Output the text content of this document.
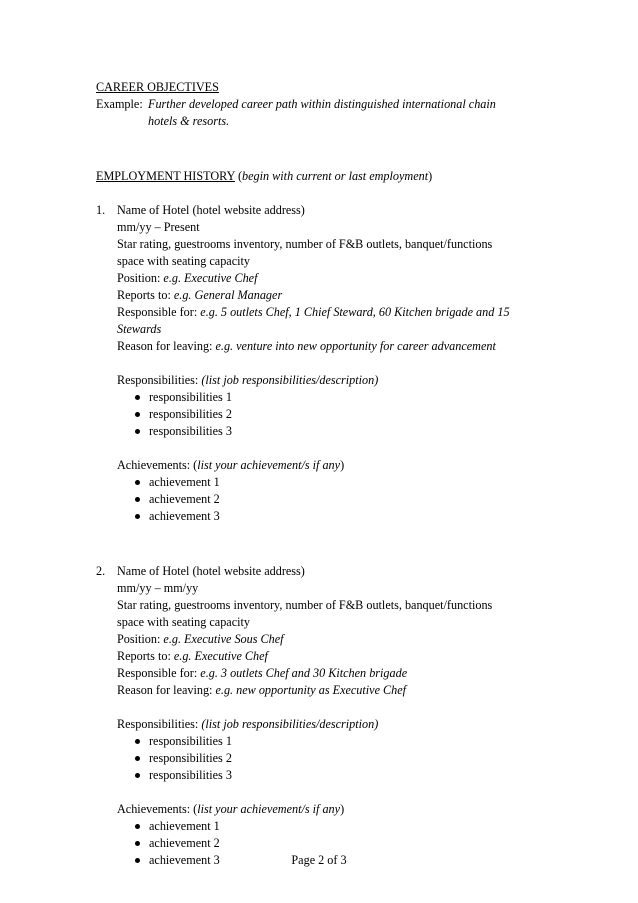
CAREER OBJECTIVES
Example: Further developed career path within distinguished international chain
hotels & resorts.
EMPLOYMENT HISTORY (begin with current or last employment)
1. Name of Hotel (hotel website address)
mm/yy – Present
Star rating, guestrooms inventory, number of F&B outlets, banquet/functions
space with seating capacity
Position: e.g. Executive Chef
Reports to: e.g. General Manager
Responsible for: e.g. 5 outlets Chef, 1 Chief Steward, 60 Kitchen brigade and 15
Stewards
Reason for leaving: e.g. venture into new opportunity for career advancement
Responsibilities: (list job responsibilities/description)
responsibilities 1
responsibilities 2
responsibilities 3
Achievements: (list your achievement/s if any)
achievement 1
achievement 2
achievement 3
2. Name of Hotel (hotel website address)
mm/yy – mm/yy
Star rating, guestrooms inventory, number of F&B outlets, banquet/functions
space with seating capacity
Position: e.g. Executive Sous Chef
Reports to: e.g. Executive Chef
Responsible for: e.g. 3 outlets Chef and 30 Kitchen brigade
Reason for leaving: e.g. new opportunity as Executive Chef
Responsibilities: (list job responsibilities/description)
responsibilities 1
responsibilities 2
responsibilities 3
Achievements: (list your achievement/s if any)
achievement 1
achievement 2
achievement 3	Page 2 of 3
